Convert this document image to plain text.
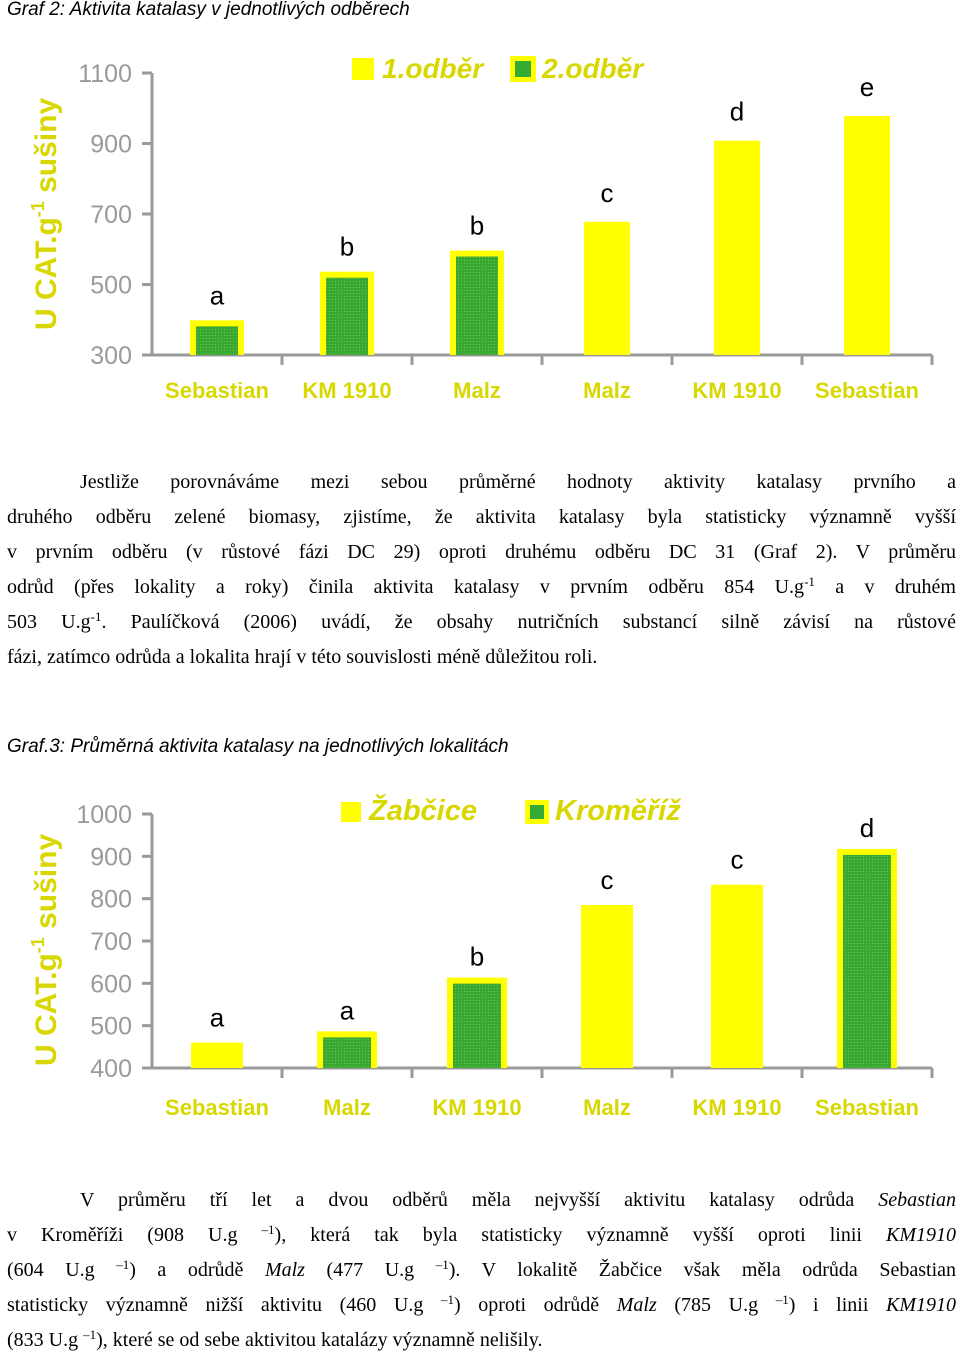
Graf 2: Aktivita katalasy v jednotlivých odběrech
300
500
700
900
1100
a
Sebastian
b
KM 1910
b
Malz
c
Malz
d
KM 1910
e
Sebastian
U $CAT.g^{-1}$ sušiny
1.odběr 2.odběr
Jestliže porovnáváme mezi sebou průměrné hodnoty aktivity katalasy prvního a
druhého odběru zelené biomasy, zjistíme, že aktivita katalasy byla statisticky významně vyšší
v prvním odběru (v růstové fázi DC 29) oproti druhému odběru DC 31 (Graf 2). V průměru
odrůd (přes lokality a roky) činila aktivita katalasy v prvním odběru 854 $U.g^{-1}$ a v druhém
503 $U.g^{-1}$. Paulíčková (2006) uvádí, že obsahy nutričních substancí silně závisí na růstové
fázi, zatímco odrůda a lokalita hrají v této souvislosti méně důležitou roli.
Graf.3: Průměrná aktivita katalasy na jednotlivých lokalitách
400
500
600
700
800
900
1000
a
Sebastian
a
Malz
b
KM 1910
c
Malz
c
KM 1910
d
Sebastian
U $CAT.g^{-1}$ sušiny
Žabčice	Kroměříž
V průměru tří let a dvou odběrů měla nejvyšší aktivitu katalasy odrůda Sebastian
v Kroměříži (908 U.g $^{-1}$), která tak byla statisticky významně vyšší oproti linii KM1910
(604 U.g $^{-1}$) a odrůdě Malz (477 U.g $^{-1}$). V lokalitě Žabčice však měla odrůda Sebastian
statisticky významně nižší aktivitu (460 U.g $^{-1}$) oproti odrůdě Malz (785 U.g $^{-1}$) i linii KM1910
(833 U.g $^{-1}$), které se od sebe aktivitou katalázy významně nelišily.
